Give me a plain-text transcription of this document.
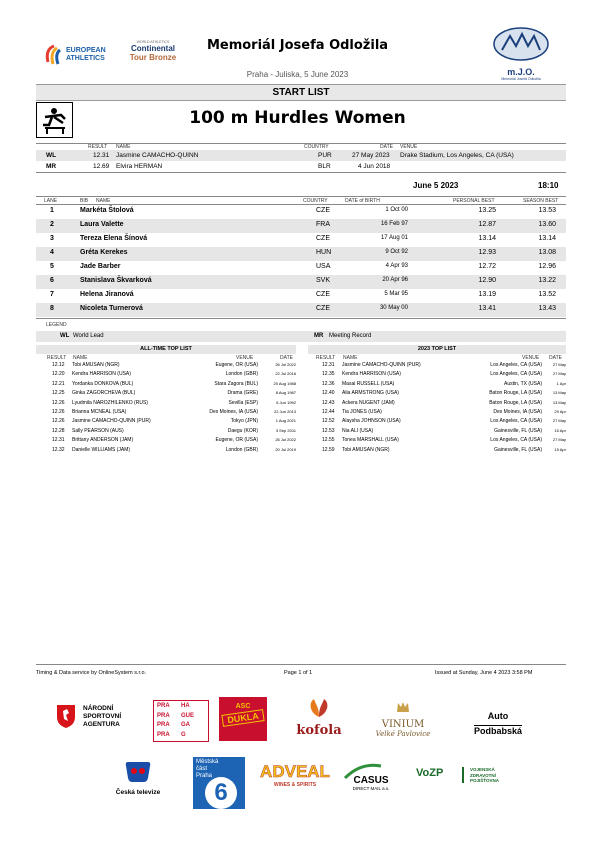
EUROPEAN
ATHLETICS
WORLD ATHLETICS
Continental
Tour Bronze
Memoriál Josefa Odložila
Praha - Juliska, 5 June 2023	m.J.O.
Memoriál Josefa Odložila
START LIST
100 m Hurdles Women
RESULT NAME	COUNTRY	DATE VENUE
WL	12.31 Jasmine CAMACHO-QUINN	PUR	27 May 2023 Drake Stadium, Los Angeles, CA (USA)
MR	12.69 Elvira HERMAN	BLR	4 Jun 2018
June 5 2023	18:10
LANE	BIB NAME	COUNTRY	DATE of BIRTH	PERSONAL BEST	SEASON BEST
1	Markéta Štolová	CZE	1 Oct 00	13.25	13.53
2	Laura Valette	FRA	16 Feb 97	12.87	13.60
3	Tereza Elena Šínová	CZE	17 Aug 01	13.14	13.14
4	Gréta Kerekes	HUN	9 Oct 92	12.93	13.08
5	Jade Barber	USA	4 Apr 93	12.72	12.96
6	Stanislava Škvarková	SVK	20 Apr 96	12.90	13.22
7	Helena Jiranová	CZE	5 Mar 95	13.19	13.52
8	Nicoleta Turnerová	CZE	30 May 00	13.41	13.43
LEGEND
WL World Lead	MR Meeting Record
ALL-TIME TOP LIST
RESULT NAME	VENUE	DATE
12.12 Tobi AMUSAN (NGR)	Eugene, OR (USA)	26 Jul 2022
12.20 Kendra HARRISON (USA)	London (GBR)	22 Jul 2016
12.21 Yordanka DONKOVA (BUL)	Stara Zagora (BUL)	20 Aug 1988
12.25 Ginka ZAGORCHEVA (BUL)	Drama (GRE)	8 Aug 1987
12.26 Lyudmila NAROZHILENKO (RUS)	Sevilla (ESP)	6 Jun 1992
12.26 Brianna MCNEAL (USA)	Des Moines, IA (USA)	22 Jun 2013
12.26 Jasmine CAMACHO-QUINN (PUR)	Tokyo (JPN)	1 Aug 2021
12.28 Sally PEARSON (AUS)	Daegu (KOR)	3 Sep 2011
12.31 Brittany ANDERSON (JAM)	Eugene, OR (USA)	26 Jul 2022
12.32 Danielle WILLIAMS (JAM)	London (GBR)	20 Jul 2019
2023 TOP LIST
RESULT NAME	VENUE DATE
12.31 Jasmine CAMACHO-QUINN (PUR)	Los Angeles, CA (USA)	27 May
12.35 Kendra HARRISON (USA)	Los Angeles, CA (USA)	27 May
12.36 Masai RUSSELL (USA)	Austin, TX (USA)	1 Apr
12.40 Alia ARMSTRONG (USA)	Baton Rouge, LA (USA)	13 May
12.43 Ackera NUGENT (JAM)	Baton Rouge, LA (USA)	13 May
12.44 Tia JONES (USA)	Des Moines, IA (USA)	29 Apr
12.52 Alaysha JOHNSON (USA)	Los Angeles, CA (USA)	27 May
12.53 Nia ALI (USA)	Gainesville, FL (USA)	15 Apr
12.55 Tonea MARSHALL (USA)	Los Angeles, CA (USA)	27 May
12.59 Tobi AMUSAN (NGR)	Gainesville, FL (USA)	15 Apr
Timing & Data service by OnlineSystem s.r.o.	Page 1 of 1	Issued at Sunday, June 4 2023 3:58 PM
NÁRODNÍ
SPORTOVNÍ
AGENTURA
PRA	HA
PRA	GUE
PRA	GA
PRA	G
ASC
DUKLA
kofola	VINIUM
Velké Pavlovice
Auto
Podbabská
Česká televize
Městská
část
Praha
6
ADVEAL
WINES & SPIRITS	CASUS
DIRECT MAIL a.s.
VoZP	VOJENSKÁ
ZDRAVOTNÍ
POJIŠŤOVNA
